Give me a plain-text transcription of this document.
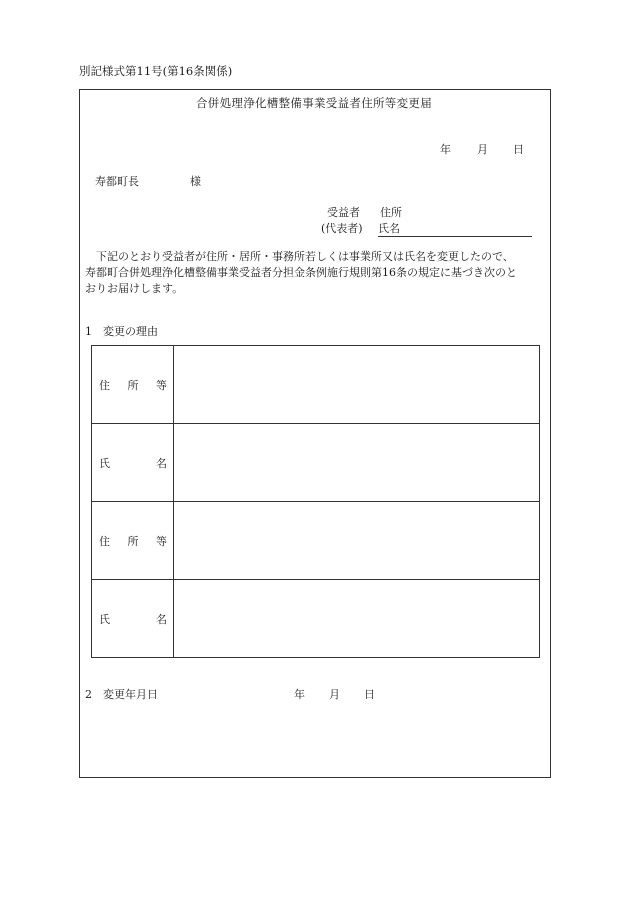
別記様式第11号(第16条関係)
合併処理浄化槽整備事業受益者住所等変更届
年 月 日
寿都町長	様
受益者 住所
(代表者) 氏名
下記のとおり受益者が住所・居所・事務所若しくは事業所又は氏名を変更したので、
寿都町合併処理浄化槽整備事業受益者分担金条例施行規則第16条の規定に基づき次のと
おりお届けします。
1　変更の理由
住 所 等	

氏 名	

住 所 等	

氏 名	

2　変更年月日	年 月 日
